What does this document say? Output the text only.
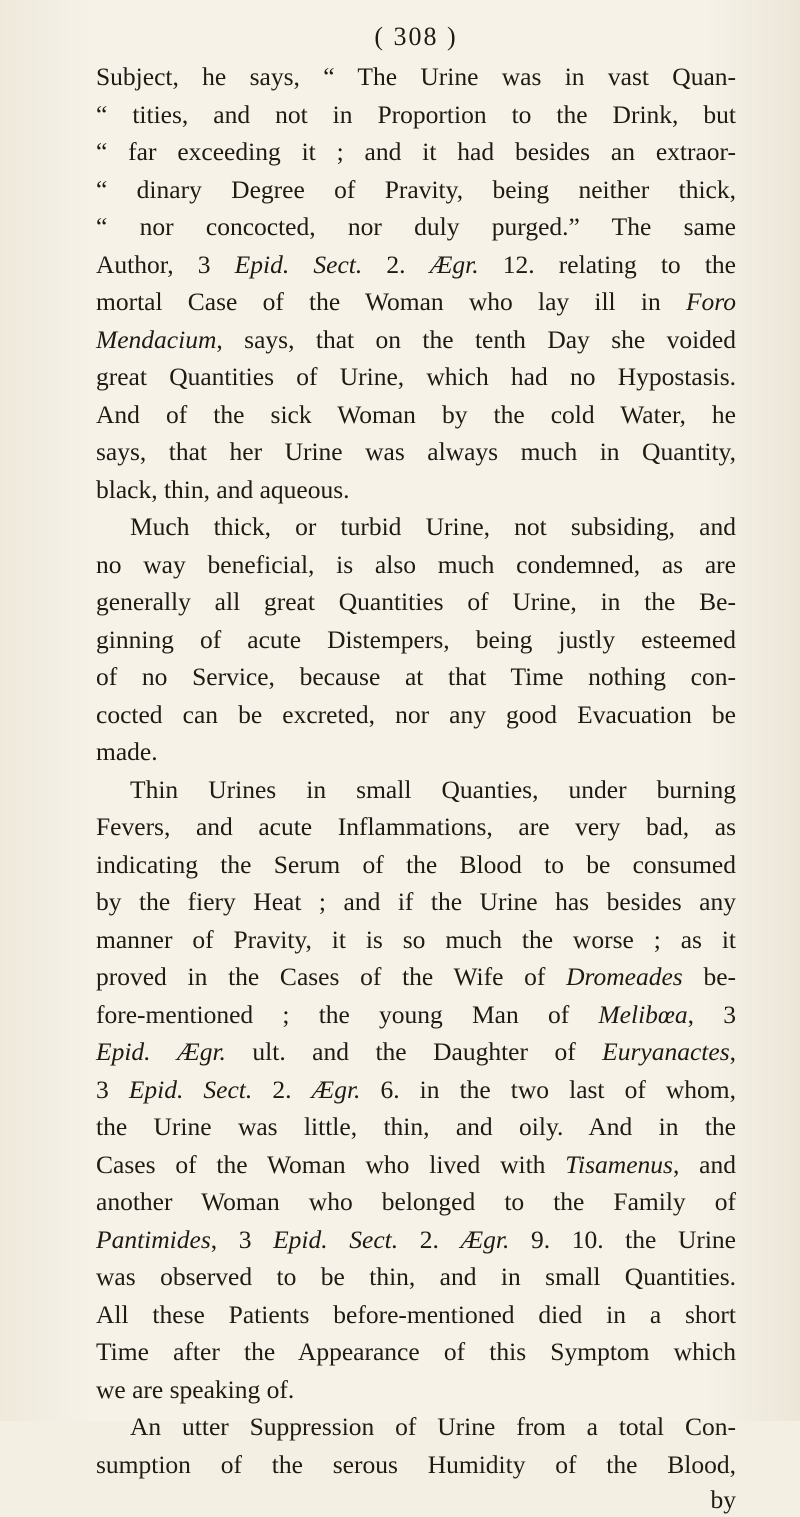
( 308 )
Subject, he says, “ The Urine was in vast Quan-
“ tities, and not in Proportion to the Drink, but
“ far exceeding it ; and it had besides an extraor-
“ dinary Degree of Pravity, being neither thick,
“ nor concocted, nor duly purged.” The same
Author, 3 Epid. Sect. 2. Ægr. 12. relating to the
mortal Case of the Woman who lay ill in Foro
Mendacium, says, that on the tenth Day she voided
great Quantities of Urine, which had no Hypostasis.
And of the sick Woman by the cold Water, he
says, that her Urine was always much in Quantity,
black, thin, and aqueous.
Much thick, or turbid Urine, not subsiding, and
no way beneficial, is also much condemned, as are
generally all great Quantities of Urine, in the Be-
ginning of acute Distempers, being justly esteemed
of no Service, because at that Time nothing con-
cocted can be excreted, nor any good Evacuation be
made.
Thin Urines in small Quanties, under burning
Fevers, and acute Inflammations, are very bad, as
indicating the Serum of the Blood to be consumed
by the fiery Heat ; and if the Urine has besides any
manner of Pravity, it is so much the worse ; as it
proved in the Cases of the Wife of Dromeades be-
fore-mentioned ; the young Man of Melibœa, 3
Epid. Ægr. ult. and the Daughter of Euryanactes,
3 Epid. Sect. 2. Ægr. 6. in the two last of whom,
the Urine was little, thin, and oily. And in the
Cases of the Woman who lived with Tisamenus, and
another Woman who belonged to the Family of
Pantimides, 3 Epid. Sect. 2. Ægr. 9. 10. the Urine
was observed to be thin, and in small Quantities.
All these Patients before-mentioned died in a short
Time after the Appearance of this Symptom which
we are speaking of.
An utter Suppression of Urine from a total Con-
sumption of the serous Humidity of the Blood,
by
